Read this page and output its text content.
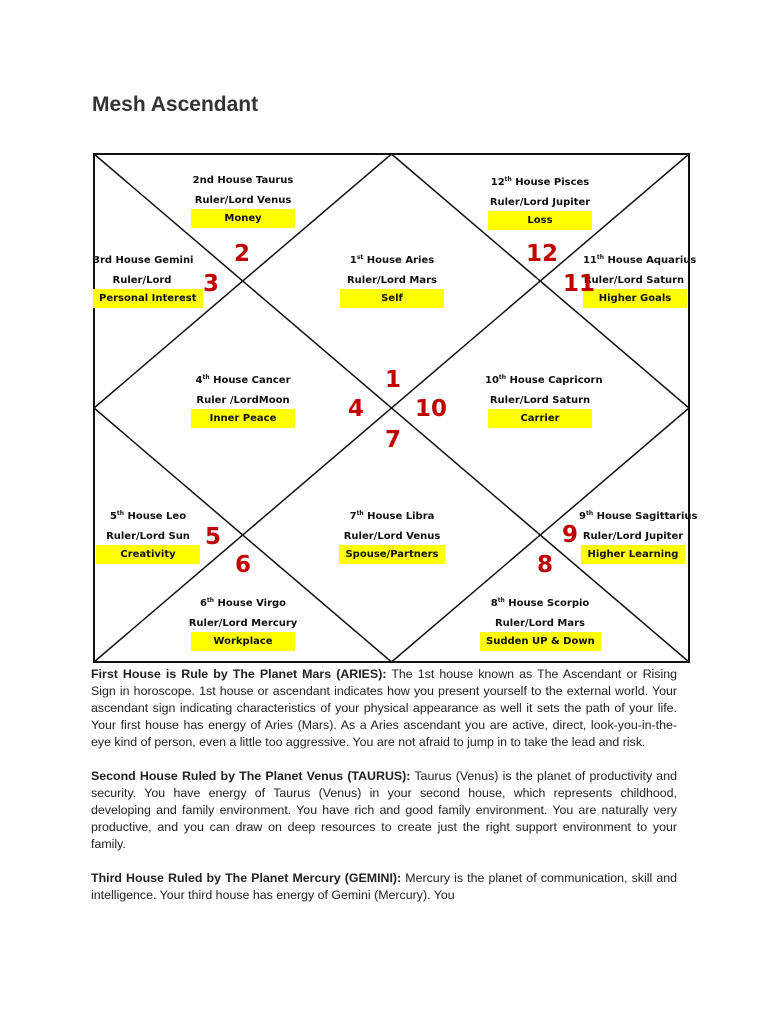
Mesh Ascendant
2nd House Taurus
Ruler/Lord Venus
Money
12th House Pisces
Ruler/Lord Jupiter
Loss
3rd House Gemini
Ruler/Lord
Personal Interest
1st House Aries
Ruler/Lord Mars
Self
11th House Aquarius
Ruler/Lord Saturn
Higher Goals
4th House Cancer
Ruler /LordMoon
Inner Peace
10th House Capricorn
Ruler/Lord Saturn
Carrier
5th House Leo
Ruler/Lord Sun
Creativity
7th House Libra
Ruler/Lord Venus
Spouse/Partners
9th House Sagittarius
Ruler/Lord Jupiter
Higher Learning
6th House Virgo
Ruler/Lord Mercury
Workplace
8th House Scorpio
Ruler/Lord Mars
Sudden UP & Down
2
3
12
11
1
4 10
7
5
6
9
8

First House is Rule by The Planet Mars (ARIES): The 1st house known as The Ascendant or Rising Sign in horoscope. 1st house or ascendant indicates how you present yourself to the external world. Your ascendant sign indicating characteristics of your physical appearance as well it sets the path of your life. Your first house has energy of Aries (Mars). As a Aries ascendant you are active, direct, look-you-in-the-eye kind of person, even a little too aggressive. You are not afraid to jump in to take the lead and risk.

Second House Ruled by The Planet Venus (TAURUS): Taurus (Venus) is the planet of productivity and security. You have energy of Taurus (Venus) in your second house, which represents childhood, developing and family environment. You have rich and good family environment. You are naturally very productive, and you can draw on deep resources to create just the right support environment to your family.

Third House Ruled by The Planet Mercury (GEMINI): Mercury is the planet of communication, skill and intelligence. Your third house has energy of Gemini (Mercury). You
